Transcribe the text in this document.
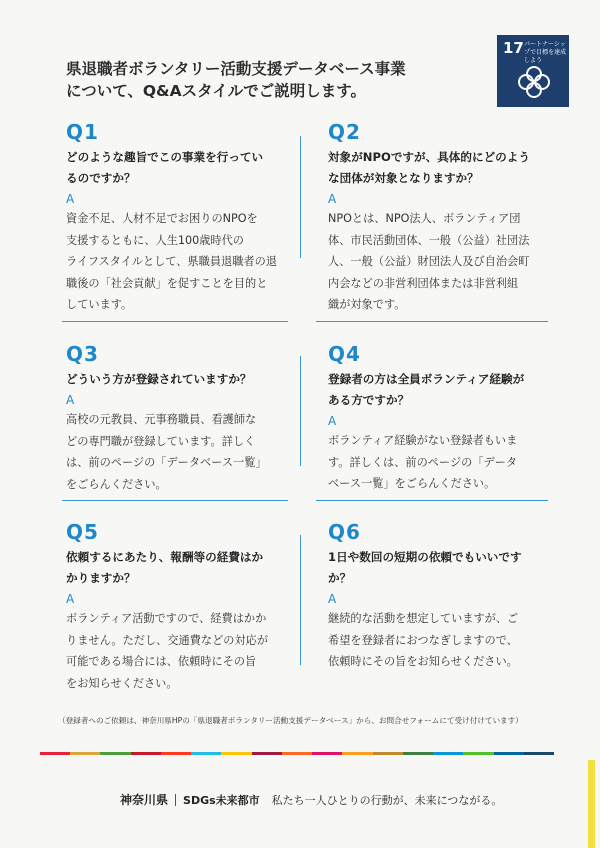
県退職者ボランタリー活動支援データベース事業
について、Q&Aスタイルでご説明します。
17 パートナーシップで目標を達成しよう
Q1
どのような趣旨でこの事業を行ってい
るのですか？
A
資金不足、人材不足でお困りのNPOを
支援するともに、人生100歳時代の
ライフスタイルとして、県職員退職者の退
職後の「社会貢献」を促すことを目的と
しています。
Q2
対象がNPOですが、具体的にどのよう
な団体が対象となりますか？
A
NPOとは、NPO法人、ボランティア団
体、市民活動団体、一般（公益）社団法
人、一般（公益）財団法人及び自治会町
内会などの非営利団体または非営利組
織が対象です。
Q3
どういう方が登録されていますか？
A
高校の元教員、元事務職員、看護師な
どの専門職が登録しています。詳しく
は、前のページの「データベース一覧」
をごらんください。
Q4
登録者の方は全員ボランティア経験が
ある方ですか？
A
ボランティア経験がない登録者もいま
す。詳しくは、前のページの「データ
ベース一覧」をごらんください。
Q5
依頼するにあたり、報酬等の経費はか
かりますか？
A
ボランティア活動ですので、経費はかか
りません。ただし、交通費などの対応が
可能である場合には、依頼時にその旨
をお知らせください。
Q6
1日や数回の短期の依頼でもいいです
か？
A
継続的な活動を想定していますが、ご
希望を登録者におつなぎしますので、
依頼時にその旨をお知らせください。
（登録者へのご依頼は、神奈川県HPの「県退職者ボランタリー活動支援データベース」から、お問合せフォームにて受け付けています）
神奈川県 SDGs未来都市 私たち一人ひとりの行動が、未来につながる。
